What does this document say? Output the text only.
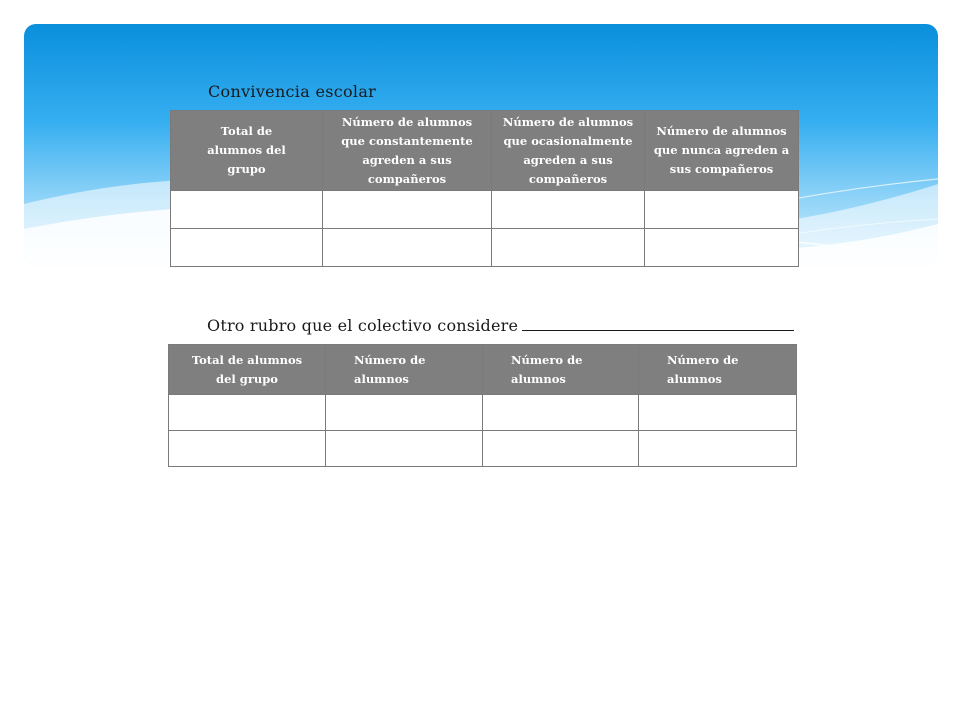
Convivencia escolar
Total de alumnos del grupo	Número de alumnos que constantemente agreden a sus compañeros	Número de alumnos que ocasionalmente agreden a sus compañeros	Número de alumnos que nunca agreden a sus compañeros

Otro rubro que el colectivo considere
Total de alumnos del grupo	Número de alumnos	Número de alumnos	Número de alumnos
